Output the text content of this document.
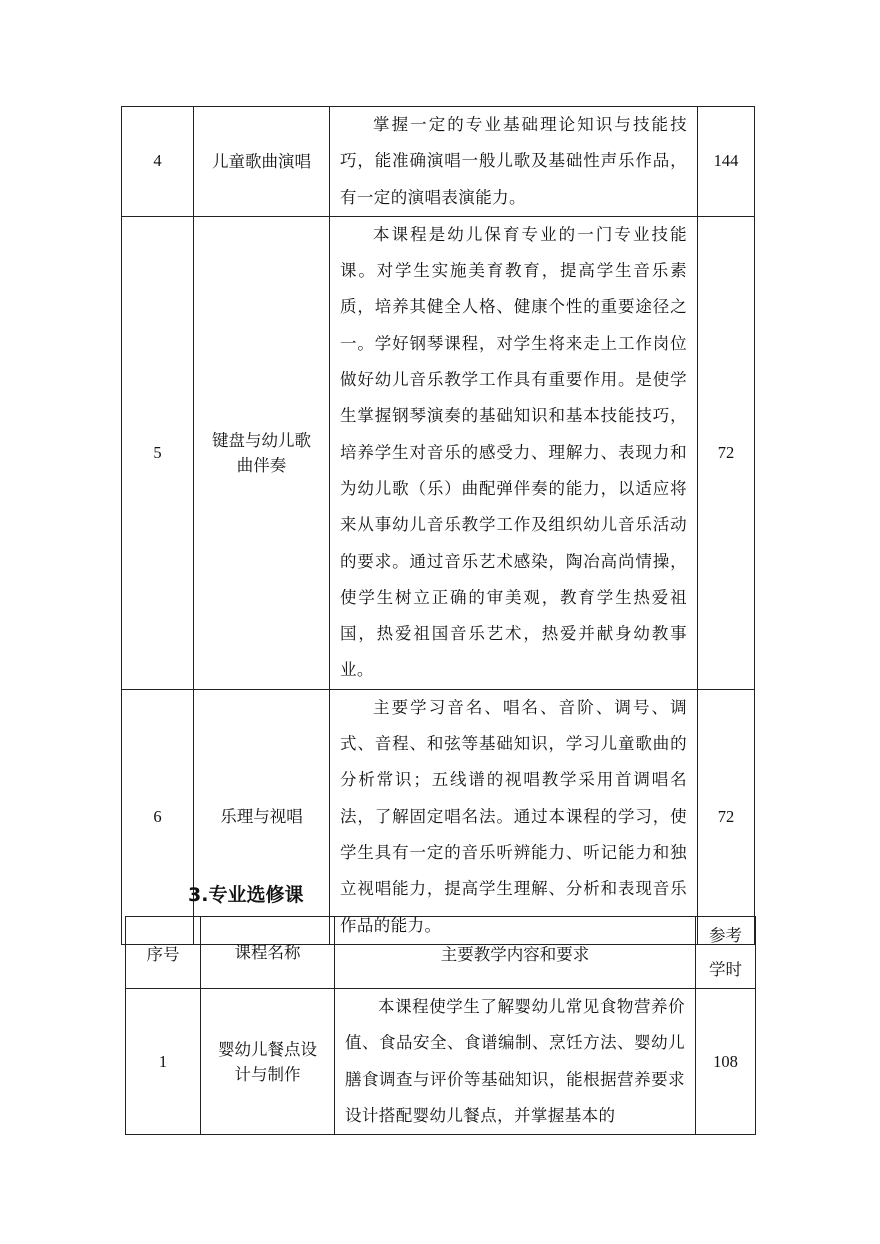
4	儿童歌曲演唱	掌握一定的专业基础理论知识与技能技巧，能准确演唱一般儿歌及基础性声乐作品，有一定的演唱表演能力。	144
5	键盘与幼儿歌曲伴奏	本课程是幼儿保育专业的一门专业技能课。对学生实施美育教育，提高学生音乐素质，培养其健全人格、健康个性的重要途径之一。学好钢琴课程，对学生将来走上工作岗位做好幼儿音乐教学工作具有重要作用。是使学生掌握钢琴演奏的基础知识和基本技能技巧，培养学生对音乐的感受力、理解力、表现力和为幼儿歌（乐）曲配弹伴奏的能力，以适应将来从事幼儿音乐教学工作及组织幼儿音乐活动的要求。通过音乐艺术感染，陶冶高尚情操，使学生树立正确的审美观，教育学生热爱祖国，热爱祖国音乐艺术，热爱并献身幼教事业。	72
6	乐理与视唱	主要学习音名、唱名、音阶、调号、调式、音程、和弦等基础知识，学习儿童歌曲的分析常识；五线谱的视唱教学采用首调唱名法，了解固定唱名法。通过本课程的学习，使学生具有一定的音乐听辨能力、听记能力和独立视唱能力，提高学生理解、分析和表现音乐作品的能力。	72
3.专业选修课
序号	课程名称	主要教学内容和要求	参考
学时

1	婴幼儿餐点设计与制作	本课程使学生了解婴幼儿常见食物营养价值、食品安全、食谱编制、烹饪方法、婴幼儿膳食调查与评价等基础知识，能根据营养要求设计搭配婴幼儿餐点，并掌握基本的	108
